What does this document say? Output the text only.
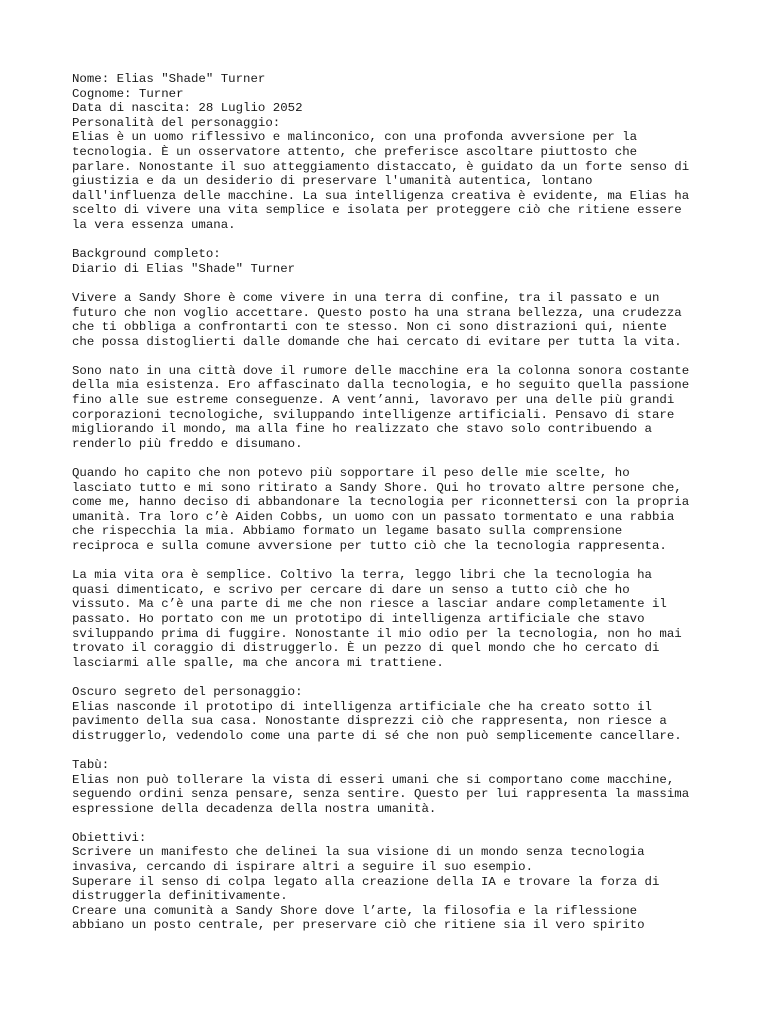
Nome: Elias "Shade" Turner
Cognome: Turner
Data di nascita: 28 Luglio 2052
Personalità del personaggio:
Elias è un uomo riflessivo e malinconico, con una profonda avversione per la
tecnologia. È un osservatore attento, che preferisce ascoltare piuttosto che
parlare. Nonostante il suo atteggiamento distaccato, è guidato da un forte senso di
giustizia e da un desiderio di preservare l'umanità autentica, lontano
dall'influenza delle macchine. La sua intelligenza creativa è evidente, ma Elias ha
scelto di vivere una vita semplice e isolata per proteggere ciò che ritiene essere
la vera essenza umana.
Background completo:
Diario di Elias "Shade" Turner
Vivere a Sandy Shore è come vivere in una terra di confine, tra il passato e un
futuro che non voglio accettare. Questo posto ha una strana bellezza, una crudezza
che ti obbliga a confrontarti con te stesso. Non ci sono distrazioni qui, niente
che possa distoglierti dalle domande che hai cercato di evitare per tutta la vita.
Sono nato in una città dove il rumore delle macchine era la colonna sonora costante
della mia esistenza. Ero affascinato dalla tecnologia, e ho seguito quella passione
fino alle sue estreme conseguenze. A vent’anni, lavoravo per una delle più grandi
corporazioni tecnologiche, sviluppando intelligenze artificiali. Pensavo di stare
migliorando il mondo, ma alla fine ho realizzato che stavo solo contribuendo a
renderlo più freddo e disumano.
Quando ho capito che non potevo più sopportare il peso delle mie scelte, ho
lasciato tutto e mi sono ritirato a Sandy Shore. Qui ho trovato altre persone che,
come me, hanno deciso di abbandonare la tecnologia per riconnettersi con la propria
umanità. Tra loro c’è Aiden Cobbs, un uomo con un passato tormentato e una rabbia
che rispecchia la mia. Abbiamo formato un legame basato sulla comprensione
reciproca e sulla comune avversione per tutto ciò che la tecnologia rappresenta.
La mia vita ora è semplice. Coltivo la terra, leggo libri che la tecnologia ha
quasi dimenticato, e scrivo per cercare di dare un senso a tutto ciò che ho
vissuto. Ma c’è una parte di me che non riesce a lasciar andare completamente il
passato. Ho portato con me un prototipo di intelligenza artificiale che stavo
sviluppando prima di fuggire. Nonostante il mio odio per la tecnologia, non ho mai
trovato il coraggio di distruggerlo. È un pezzo di quel mondo che ho cercato di
lasciarmi alle spalle, ma che ancora mi trattiene.
Oscuro segreto del personaggio:
Elias nasconde il prototipo di intelligenza artificiale che ha creato sotto il
pavimento della sua casa. Nonostante disprezzi ciò che rappresenta, non riesce a
distruggerlo, vedendolo come una parte di sé che non può semplicemente cancellare.
Tabù:
Elias non può tollerare la vista di esseri umani che si comportano come macchine,
seguendo ordini senza pensare, senza sentire. Questo per lui rappresenta la massima
espressione della decadenza della nostra umanità.
Obiettivi:
Scrivere un manifesto che delinei la sua visione di un mondo senza tecnologia
invasiva, cercando di ispirare altri a seguire il suo esempio.
Superare il senso di colpa legato alla creazione della IA e trovare la forza di
distruggerla definitivamente.
Creare una comunità a Sandy Shore dove l’arte, la filosofia e la riflessione
abbiano un posto centrale, per preservare ciò che ritiene sia il vero spirito
